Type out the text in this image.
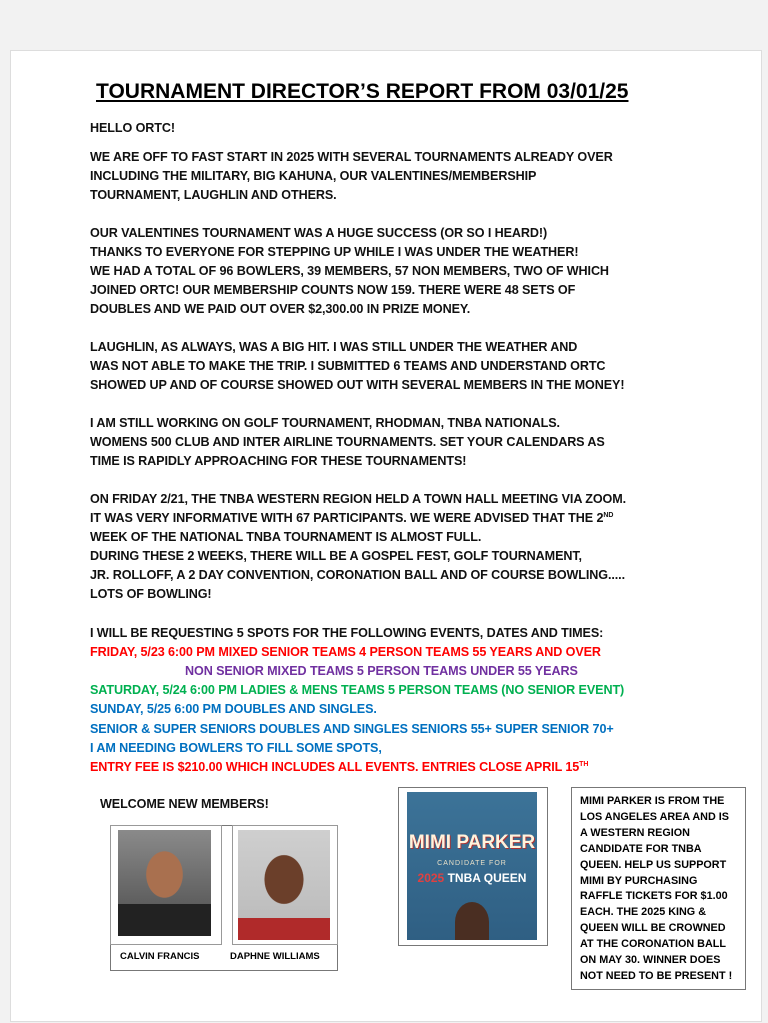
TOURNAMENT DIRECTOR’S REPORT FROM 03/01/25
HELLO ORTC!
WE ARE OFF TO FAST START IN 2025 WITH SEVERAL TOURNAMENTS ALREADY OVER
INCLUDING THE MILITARY, BIG KAHUNA, OUR VALENTINES/MEMBERSHIP
TOURNAMENT, LAUGHLIN AND OTHERS.
OUR VALENTINES TOURNAMENT WAS A HUGE SUCCESS (OR SO I HEARD!)
THANKS TO EVERYONE FOR STEPPING UP WHILE I WAS UNDER THE WEATHER!
WE HAD A TOTAL OF 96 BOWLERS, 39 MEMBERS, 57 NON MEMBERS, TWO OF WHICH
JOINED ORTC! OUR MEMBERSHIP COUNTS NOW 159. THERE WERE 48 SETS OF
DOUBLES AND WE PAID OUT OVER $2,300.00 IN PRIZE MONEY.
LAUGHLIN, AS ALWAYS, WAS A BIG HIT. I WAS STILL UNDER THE WEATHER AND
WAS NOT ABLE TO MAKE THE TRIP. I SUBMITTED 6 TEAMS AND UNDERSTAND ORTC
SHOWED UP AND OF COURSE SHOWED OUT WITH SEVERAL MEMBERS IN THE MONEY!
I AM STILL WORKING ON GOLF TOURNAMENT, RHODMAN, TNBA NATIONALS.
WOMENS 500 CLUB AND INTER AIRLINE TOURNAMENTS. SET YOUR CALENDARS AS
TIME IS RAPIDLY APPROACHING FOR THESE TOURNAMENTS!
ON FRIDAY 2/21, THE TNBA WESTERN REGION HELD A TOWN HALL MEETING VIA ZOOM.
IT WAS VERY INFORMATIVE WITH 67 PARTICIPANTS. WE WERE ADVISED THAT THE 2ND
WEEK OF THE NATIONAL TNBA TOURNAMENT IS ALMOST FULL.
DURING THESE 2 WEEKS, THERE WILL BE A GOSPEL FEST, GOLF TOURNAMENT,
JR. ROLLOFF, A 2 DAY CONVENTION, CORONATION BALL AND OF COURSE BOWLING.....
LOTS OF BOWLING!
I WILL BE REQUESTING 5 SPOTS FOR THE FOLLOWING EVENTS, DATES AND TIMES:
FRIDAY, 5/23 6:00 PM MIXED SENIOR TEAMS 4 PERSON TEAMS 55 YEARS AND OVER
NON SENIOR MIXED TEAMS 5 PERSON TEAMS UNDER 55 YEARS
SATURDAY, 5/24 6:00 PM LADIES & MENS TEAMS 5 PERSON TEAMS (NO SENIOR EVENT)
SUNDAY, 5/25 6:00 PM DOUBLES AND SINGLES.
SENIOR & SUPER SENIORS DOUBLES AND SINGLES SENIORS 55+ SUPER SENIOR 70+
I AM NEEDING BOWLERS TO FILL SOME SPOTS,
ENTRY FEE IS $210.00 WHICH INCLUDES ALL EVENTS. ENTRIES CLOSE APRIL 15TH
WELCOME NEW MEMBERS!
CALVIN FRANCIS	DAPHNE WILLIAMS
MIMI PARKER
CANDIDATE FOR
2025 TNBA QUEEN
MIMI PARKER IS FROM THE
LOS ANGELES AREA AND IS
A WESTERN REGION
CANDIDATE FOR TNBA
QUEEN. HELP US SUPPORT
MIMI BY PURCHASING
RAFFLE TICKETS FOR $1.00
EACH. THE 2025 KING &
QUEEN WILL BE CROWNED
AT THE CORONATION BALL
ON MAY 30. WINNER DOES
NOT NEED TO BE PRESENT !
